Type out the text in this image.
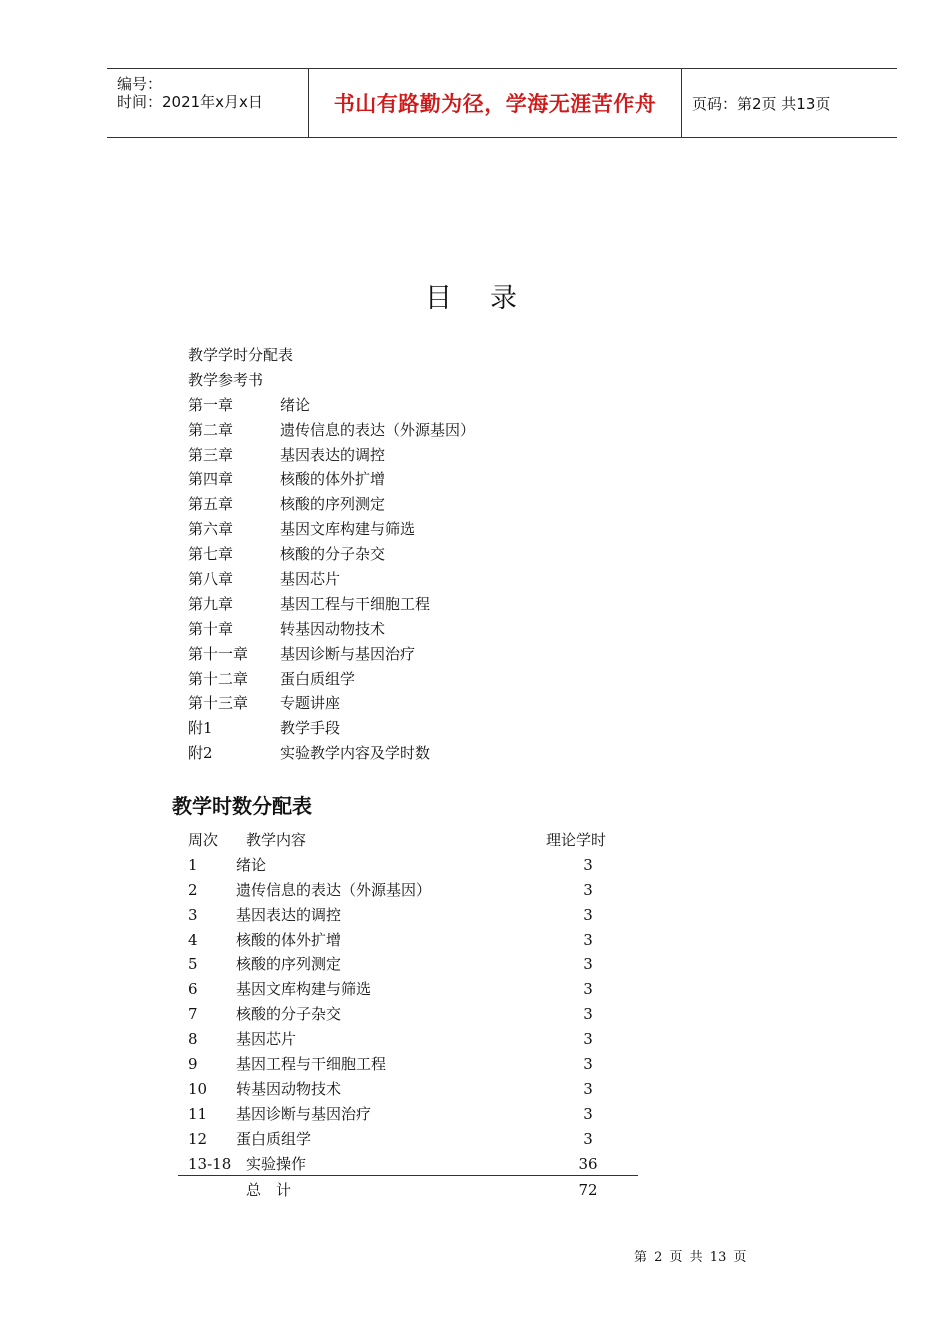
编号：
时间：2021年x月x日	书山有路勤为径，学海无涯苦作舟 页码：第2页 共13页
目录
教学学时分配表
教学参考书
第一章	绪论
第二章	遗传信息的表达（外源基因）
第三章	基因表达的调控
第四章	核酸的体外扩增
第五章	核酸的序列测定
第六章	基因文库构建与筛选
第七章	核酸的分子杂交
第八章	基因芯片
第九章	基因工程与干细胞工程
第十章	转基因动物技术
第十一章 基因诊断与基因治疗
第十二章 蛋白质组学
第十三章 专题讲座
附1	教学手段
附2	实验教学内容及学时数
教学时数分配表
周次 教学内容	理论学时
1	绪论	3
2	遗传信息的表达（外源基因）	3
3	基因表达的调控	3
4	核酸的体外扩增	3
5	核酸的序列测定	3
6	基因文库构建与筛选	3
7	核酸的分子杂交	3
8	基因芯片	3
9	基因工程与干细胞工程	3
10 转基因动物技术	3
11 基因诊断与基因治疗	3
12 蛋白质组学	3
13-18 实验操作	36
总　计	72
第 2 页 共 13 页
